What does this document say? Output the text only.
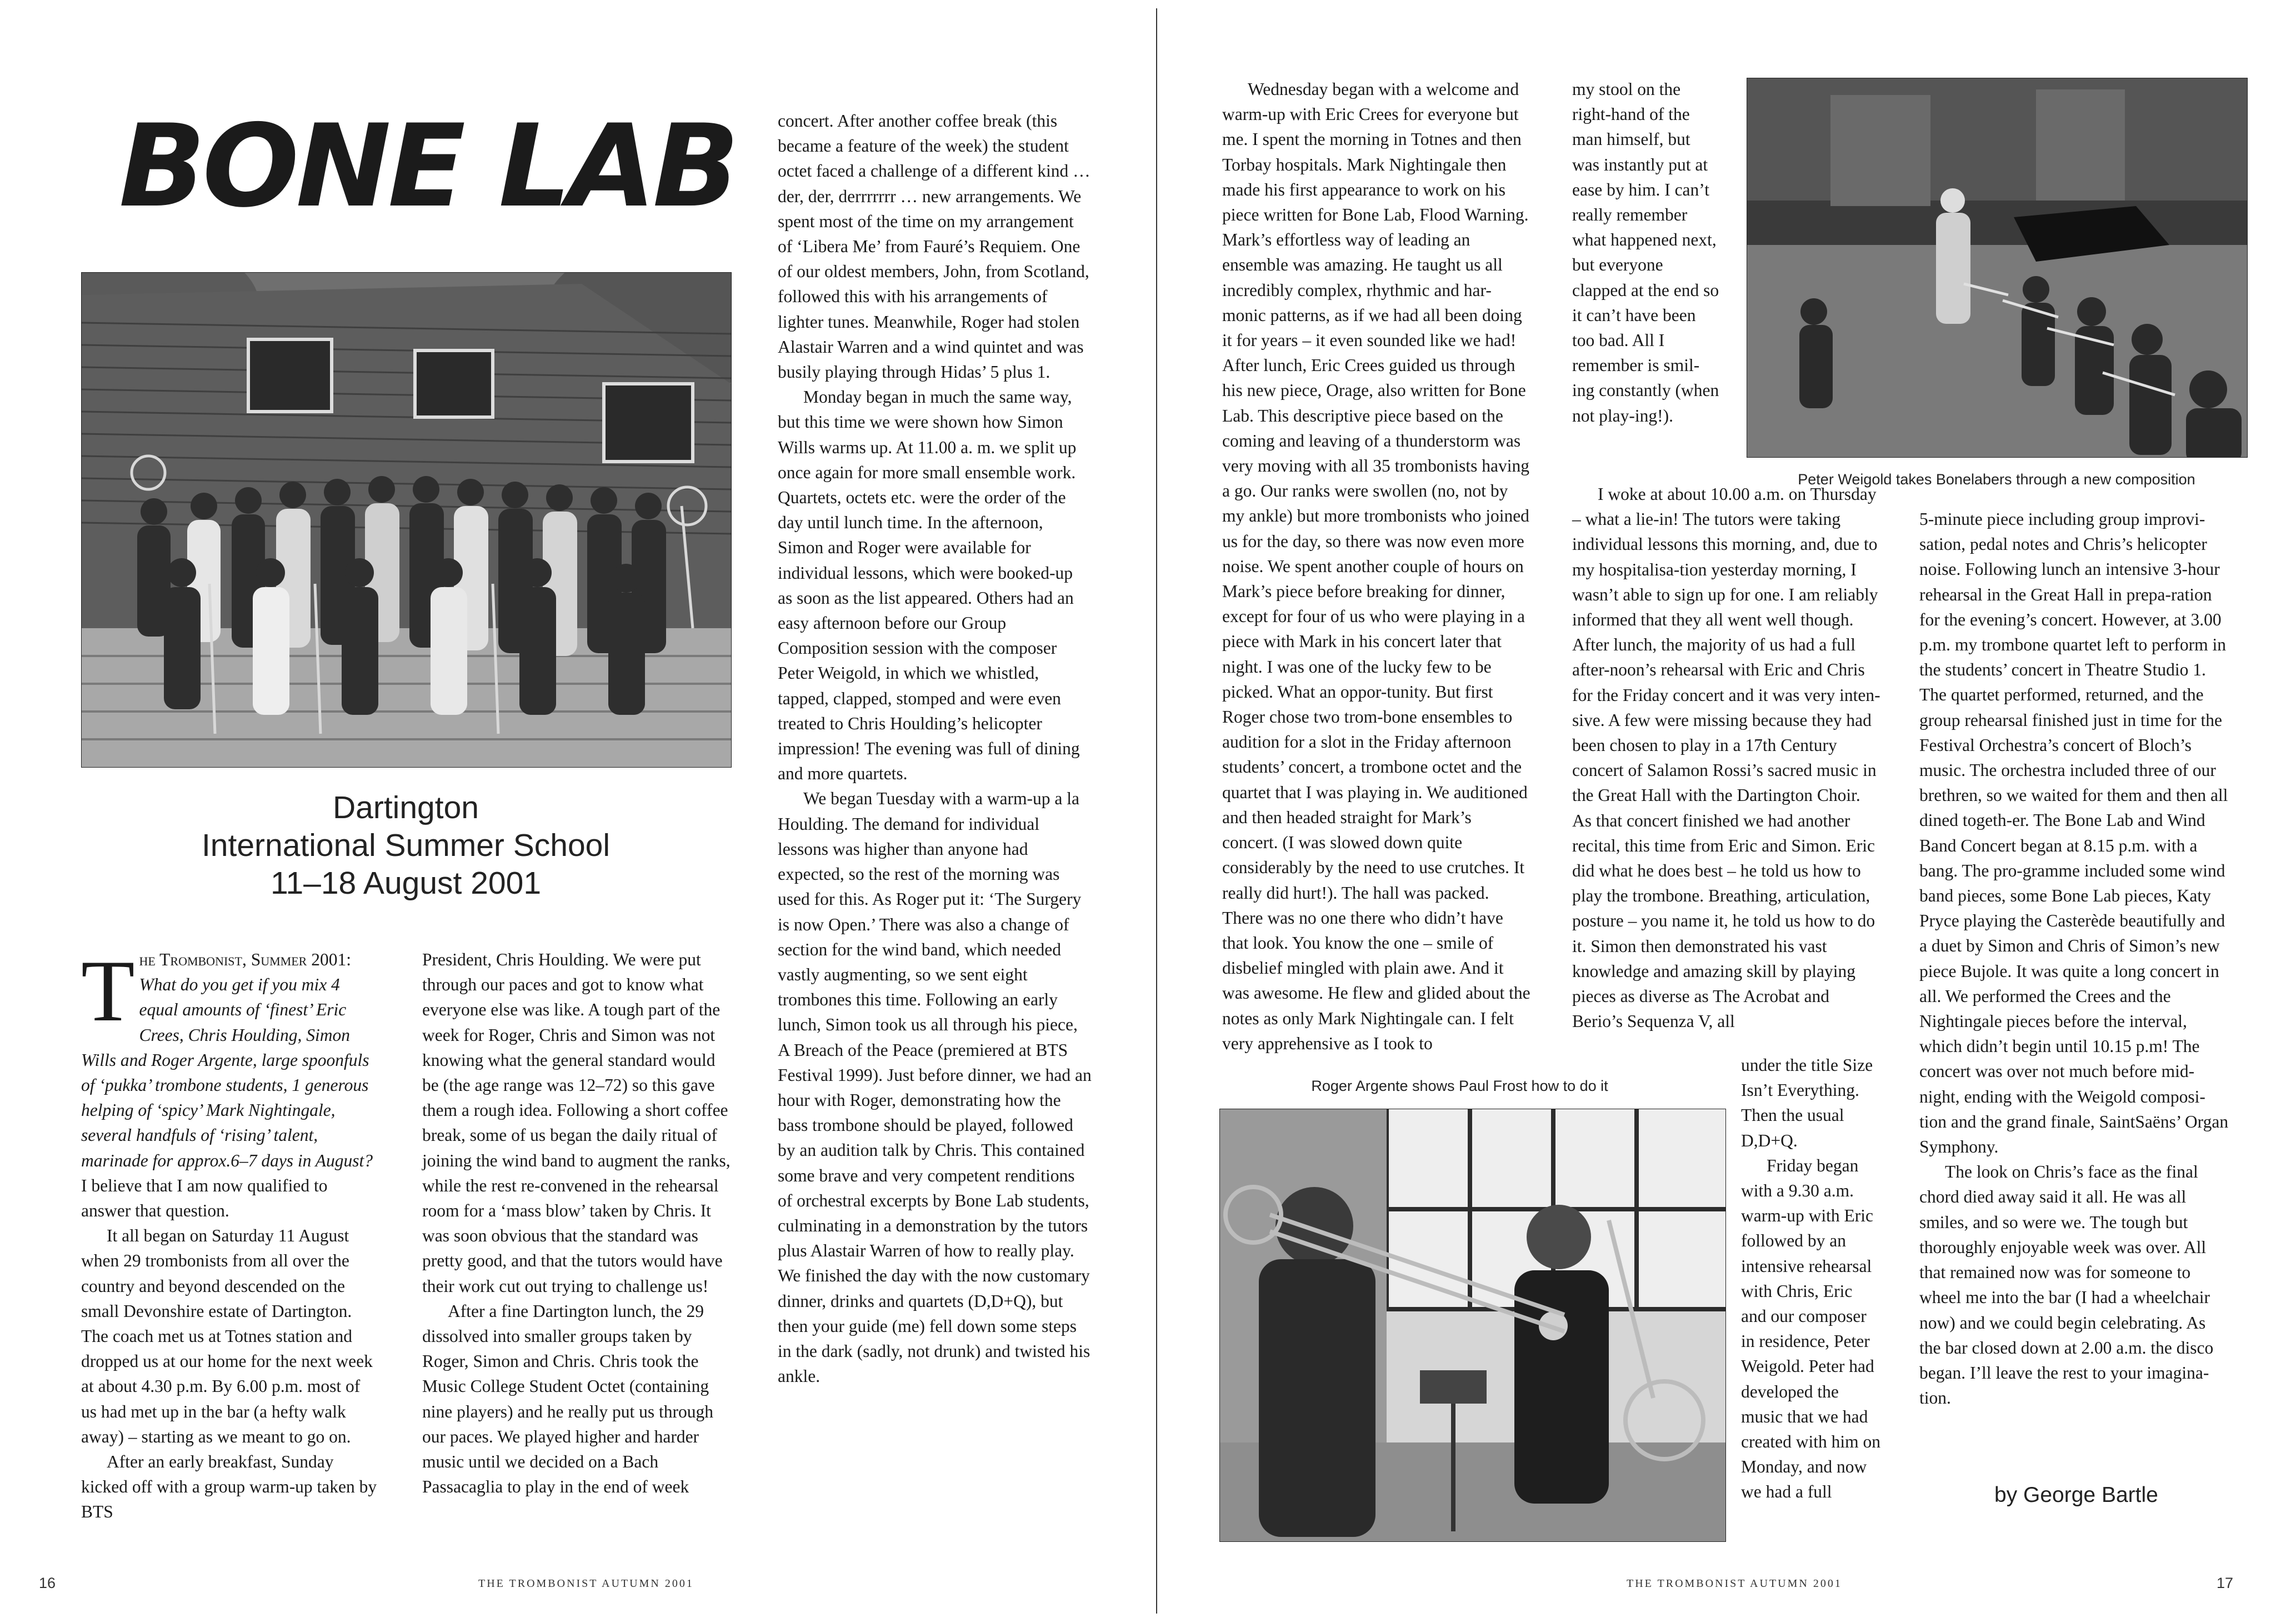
BONE LAB
Dartington
International Summer School
11–18 August 2001

The Trombonist, Summer 2001: What do you get if you mix 4 equal amounts of ‘finest’ Eric Crees, Chris Houlding, Simon Wills and Roger Argente, large spoonfuls of ‘pukka’ trombone students, 1 generous helping of ‘spicy’ Mark Nightingale, several handfuls of ‘rising’ talent, marinade for approx.6–7 days in August? I believe that I am now qualified to answer that question.

It all began on Saturday 11 August when 29 trombonists from all over the country and beyond descended on the small Devonshire estate of Dartington. The coach met us at Totnes station and dropped us at our home for the next week at about 4.30 p.m. By 6.00 p.m. most of us had met up in the bar (a hefty walk away) – starting as we meant to go on.

After an early breakfast, Sunday kicked off with a group warm-up taken by BTS

President, Chris Houlding. We were put through our paces and got to know what everyone else was like. A tough part of the week for Roger, Chris and Simon was not knowing what the general standard would be (the age range was 12–72) so this gave them a rough idea. Following a short coffee break, some of us began the daily ritual of joining the wind band to augment the ranks, while the rest re-convened in the rehearsal room for a ‘mass blow’ taken by Chris. It was soon obvious that the standard was pretty good, and that the tutors would have their work cut out trying to challenge us!

After a fine Dartington lunch, the 29 dissolved into smaller groups taken by Roger, Simon and Chris. Chris took the Music College Student Octet (containing nine players) and he really put us through our paces. We played higher and harder music until we decided on a Bach Passacaglia to play in the end of week

concert. After another coffee break (this became a feature of the week) the student octet faced a challenge of a different kind … der, der, derrrrrrr … new arrangements. We spent most of the time on my arrangement of ‘Libera Me’ from Fauré’s Requiem. One of our oldest members, John, from Scotland, followed this with his arrangements of lighter tunes. Meanwhile, Roger had stolen Alastair Warren and a wind quintet and was busily playing through Hidas’ 5 plus 1.

Monday began in much the same way, but this time we were shown how Simon Wills warms up. At 11.00 a. m. we split up once again for more small ensemble work. Quartets, octets etc. were the order of the day until lunch time. In the afternoon, Simon and Roger were available for individual lessons, which were booked-up as soon as the list appeared. Others had an easy afternoon before our Group Composition session with the composer Peter Weigold, in which we whistled, tapped, clapped, stomped and were even treated to Chris Houlding’s helicopter impression! The evening was full of dining and more quartets.

We began Tuesday with a warm-up a la Houlding. The demand for individual lessons was higher than anyone had expected, so the rest of the morning was used for this. As Roger put it: ‘The Surgery is now Open.’ There was also a change of section for the wind band, which needed vastly augmenting, so we sent eight trombones this time. Following an early lunch, Simon took us all through his piece, A Breach of the Peace (premiered at BTS Festival 1999). Just before dinner, we had an hour with Roger, demonstrating how the bass trombone should be played, followed by an audition talk by Chris. This contained some brave and very competent renditions of orchestral excerpts by Bone Lab students, culminating in a demonstration by the tutors plus Alastair Warren of how to really play. We finished the day with the now customary dinner, drinks and quartets (D,D+Q), but then your guide (me) fell down some steps in the dark (sadly, not drunk) and twisted his ankle.

16	THE TROMBONIST AUTUMN 2001

Wednesday began with a welcome and warm-up with Eric Crees for everyone but me. I spent the morning in Totnes and then Torbay hospitals. Mark Nightingale then made his first appearance to work on his piece written for Bone Lab, Flood Warning. Mark’s effortless way of leading an ensemble was amazing. He taught us all incredibly complex, rhythmic and har-monic patterns, as if we had all been doing it for years – it even sounded like we had! After lunch, Eric Crees guided us through his new piece, Orage, also written for Bone Lab. This descriptive piece based on the coming and leaving of a thunderstorm was very moving with all 35 trombonists having a go. Our ranks were swollen (no, not by my ankle) but more trombonists who joined us for the day, so there was now even more noise. We spent another couple of hours on Mark’s piece before breaking for dinner, except for four of us who were playing in a piece with Mark in his concert later that night. I was one of the lucky few to be picked. What an oppor-tunity. But first Roger chose two trom-bone ensembles to audition for a slot in the Friday afternoon students’ concert, a trombone octet and the quartet that I was playing in. We auditioned and then headed straight for Mark’s concert. (I was slowed down quite considerably by the need to use crutches. It really did hurt!). The hall was packed. There was no one there who didn’t have that look. You know the one – smile of disbelief mingled with plain awe. And it was awesome. He flew and glided about the notes as only Mark Nightingale can. I felt very apprehensive as I took to

my stool on the right-hand of the man himself, but was instantly put at ease by him. I can’t really remember what happened next, but everyone clapped at the end so it can’t have been too bad. All I remember is smil-ing constantly (when not play-ing!).

Peter Weigold takes Bonelabers through a new composition

I woke at about 10.00 a.m. on Thursday – what a lie-in! The tutors were taking individual lessons this morning, and, due to my hospitalisa-tion yesterday morning, I wasn’t able to sign up for one. I am reliably informed that they all went well though. After lunch, the majority of us had a full after-noon’s rehearsal with Eric and Chris for the Friday concert and it was very inten-sive. A few were missing because they had been chosen to play in a 17th Century concert of Salamon Rossi’s sacred music in the Great Hall with the Dartington Choir. As that concert finished we had another recital, this time from Eric and Simon. Eric did what he does best – he told us how to play the trombone. Breathing, articulation, posture – you name it, he told us how to do it. Simon then demonstrated his vast knowledge and amazing skill by playing pieces as diverse as The Acrobat and Berio’s Sequenza V, all

Roger Argente shows Paul Frost how to do it

under the title Size Isn’t Everything. Then the usual D,D+Q.

Friday began with a 9.30 a.m. warm-up with Eric followed by an intensive rehearsal with Chris, Eric and our composer in residence, Peter Weigold. Peter had developed the music that we had created with him on Monday, and now we had a full

5-minute piece including group improvi-sation, pedal notes and Chris’s helicopter noise. Following lunch an intensive 3-hour rehearsal in the Great Hall in prepa-ration for the evening’s concert. However, at 3.00 p.m. my trombone quartet left to perform in the students’ concert in Theatre Studio 1. The quartet performed, returned, and the group rehearsal finished just in time for the Festival Orchestra’s concert of Bloch’s music. The orchestra included three of our brethren, so we waited for them and then all dined togeth-er. The Bone Lab and Wind Band Concert began at 8.15 p.m. with a bang. The pro-gramme included some wind band pieces, some Bone Lab pieces, Katy Pryce playing the Casterède beautifully and a duet by Simon and Chris of Simon’s new piece Bujole. It was quite a long concert in all. We performed the Crees and the Nightingale pieces before the interval, which didn’t begin until 10.15 p.m! The concert was over not much before mid-night, ending with the Weigold composi-tion and the grand finale, SaintSaëns’ Organ Symphony.

The look on Chris’s face as the final chord died away said it all. He was all smiles, and so were we. The tough but thoroughly enjoyable week was over. All that remained now was for someone to wheel me into the bar (I had a wheelchair now) and we could begin celebrating. As the bar closed down at 2.00 a.m. the disco began. I’ll leave the rest to your imagina-tion.

by George Bartle
THE TROMBONIST AUTUMN 2001	17
